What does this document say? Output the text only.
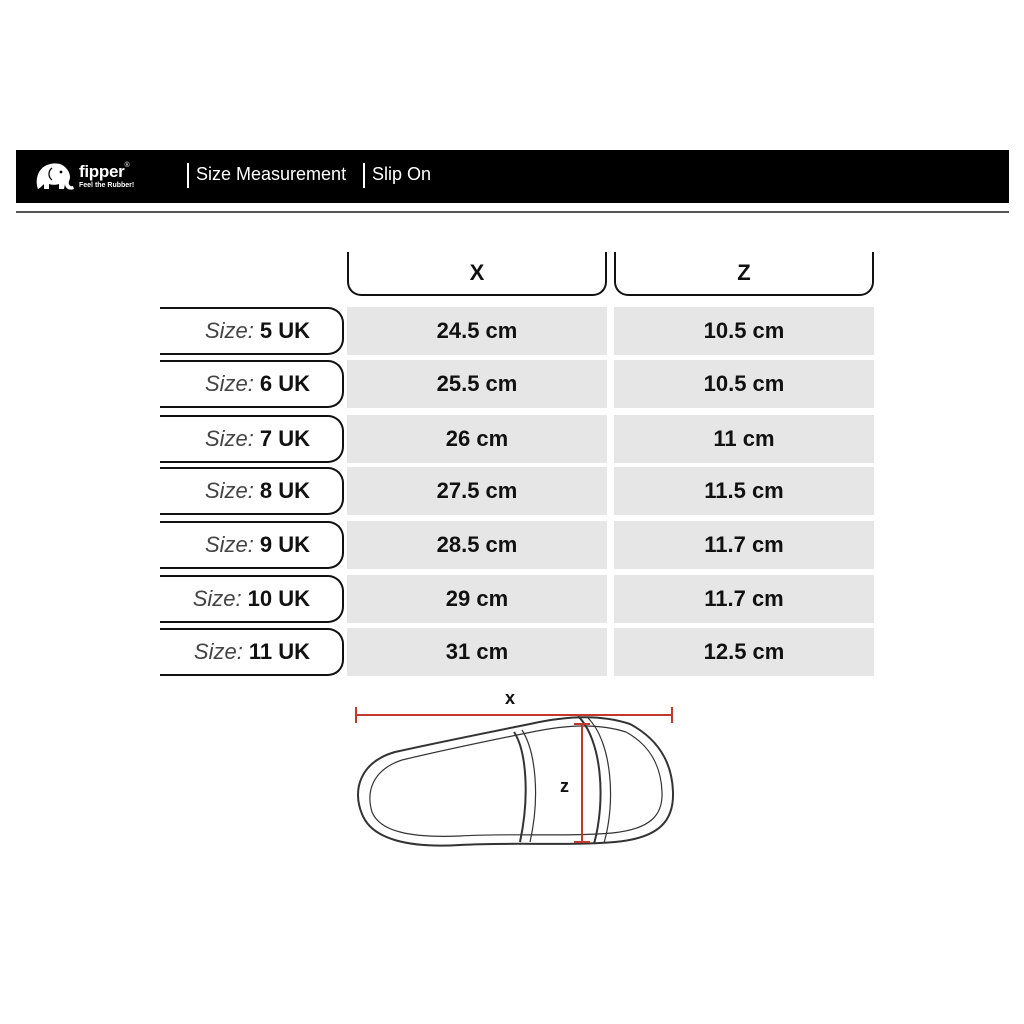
fipper®
Feel the Rubber!
Size Measurement Slip On
X	Z
Size: 5 UK	24.5 cm	10.5 cm
Size: 6 UK	25.5 cm	10.5 cm
Size: 7 UK	26 cm	11 cm
Size: 8 UK	27.5 cm	11.5 cm
Size: 9 UK	28.5 cm	11.7 cm
Size: 10 UK	29 cm	11.7 cm
Size: 11 UK	31 cm	12.5 cm
x
z
